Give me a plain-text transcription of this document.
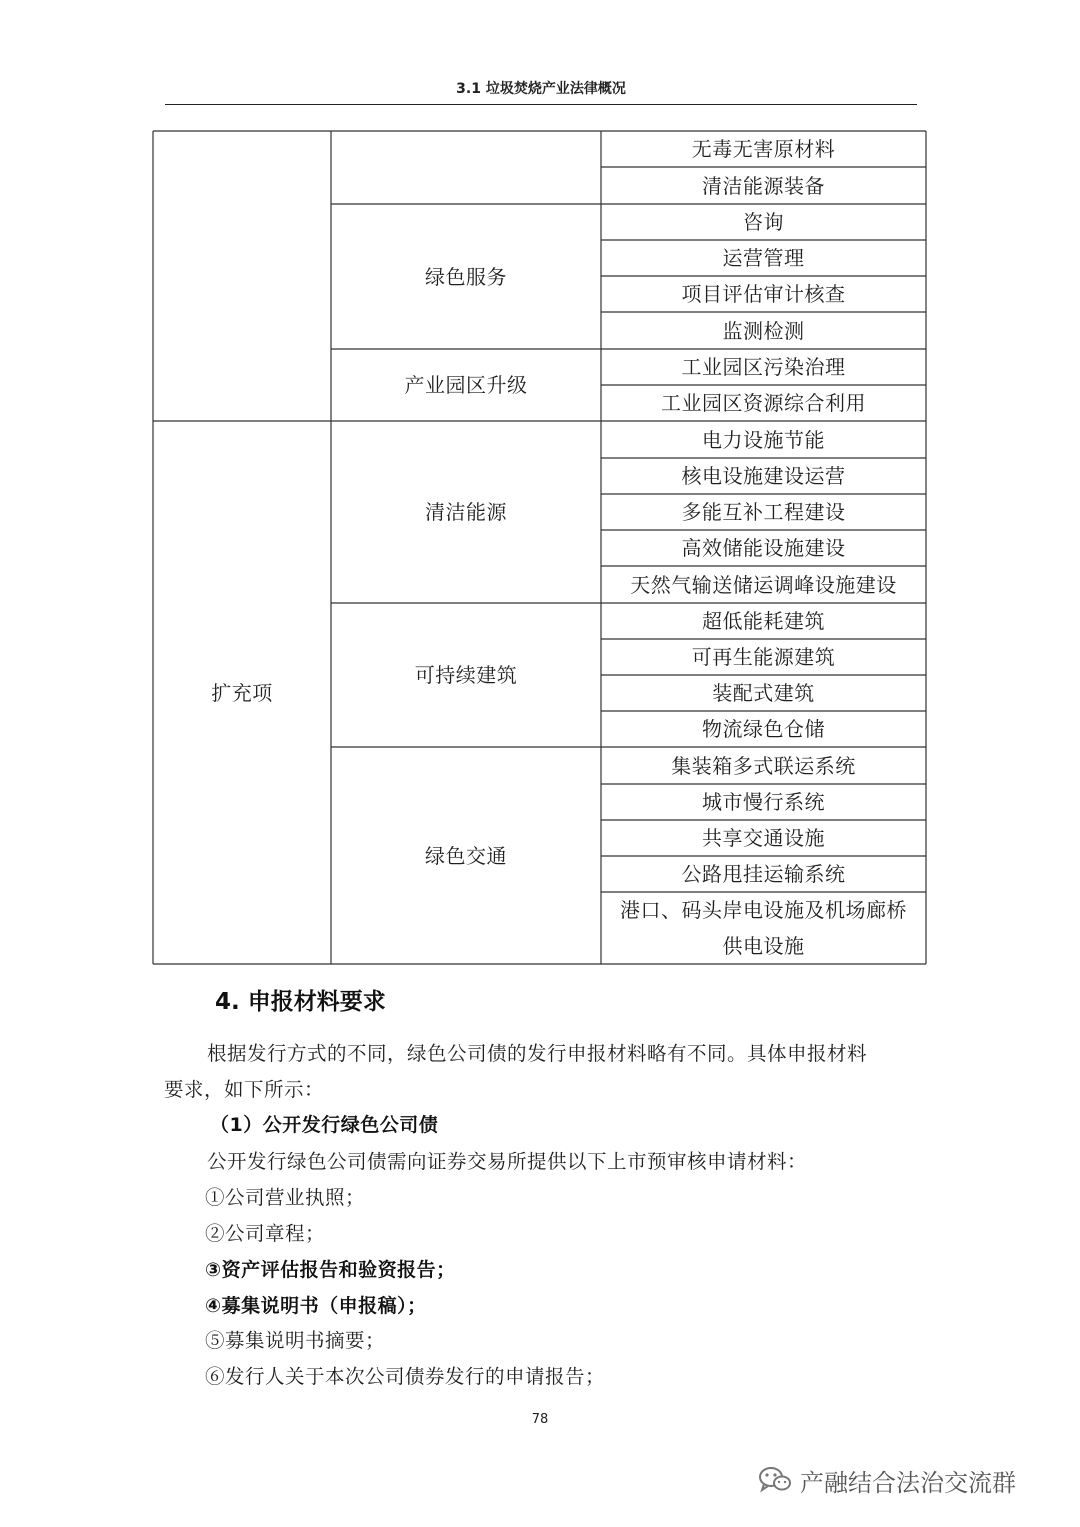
3.1 垃圾焚烧产业法律概况
扩充项
绿色服务
产业园区升级
清洁能源
可持续建筑
绿色交通
无毒无害原材料
清洁能源装备
咨询
运营管理
项目评估审计核查
监测检测
工业园区污染治理
工业园区资源综合利用
电力设施节能
核电设施建设运营
多能互补工程建设
高效储能设施建设
天然气输送储运调峰设施建设
超低能耗建筑
可再生能源建筑
装配式建筑
物流绿色仓储
集装箱多式联运系统
城市慢行系统
共享交通设施
公路甩挂运输系统
港口、码头岸电设施及机场廊桥
供电设施
4. 申报材料要求
根据发行方式的不同，绿色公司债的发行申报材料略有不同。具体申报材料
要求，如下所示：
（1）公开发行绿色公司债
公开发行绿色公司债需向证券交易所提供以下上市预审核申请材料：
①公司营业执照；
②公司章程；
③资产评估报告和验资报告；
④募集说明书（申报稿）；
⑤募集说明书摘要；
⑥发行人关于本次公司债券发行的申请报告；
78
产融结合法治交流群
